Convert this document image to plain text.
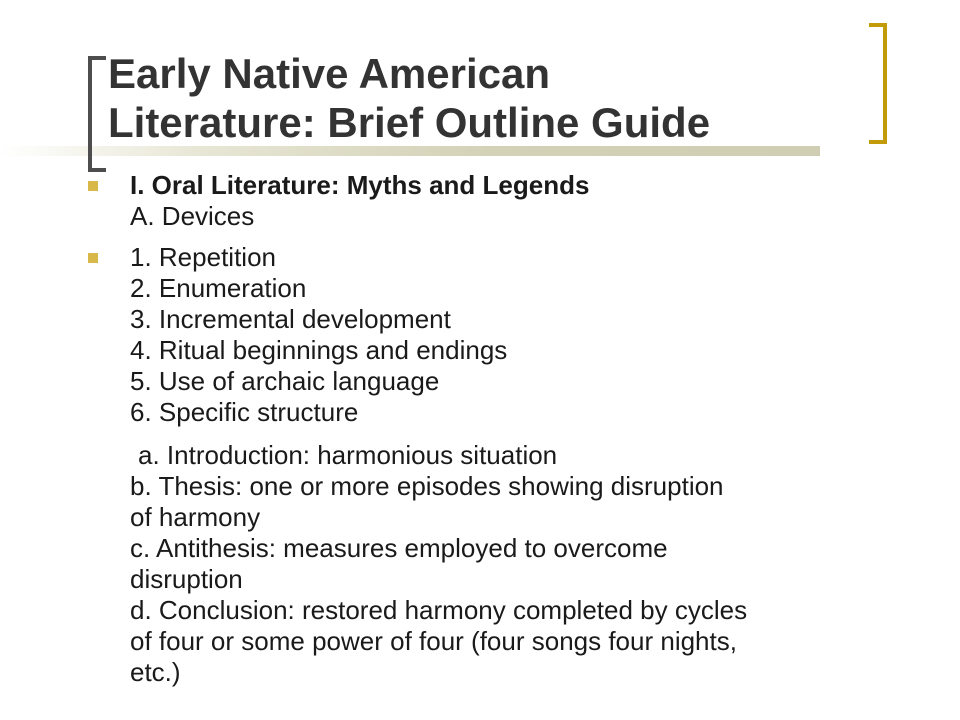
Early Native American
Literature: Brief Outline Guide
I. Oral Literature: Myths and Legends
A. Devices
1. Repetition
2. Enumeration
3. Incremental development
4. Ritual beginnings and endings
5. Use of archaic language
6. Specific structure
a. Introduction: harmonious situation
b. Thesis: one or more episodes showing disruption
of harmony
c. Antithesis: measures employed to overcome
disruption
d. Conclusion: restored harmony completed by cycles
of four or some power of four (four songs four nights,
etc.)
